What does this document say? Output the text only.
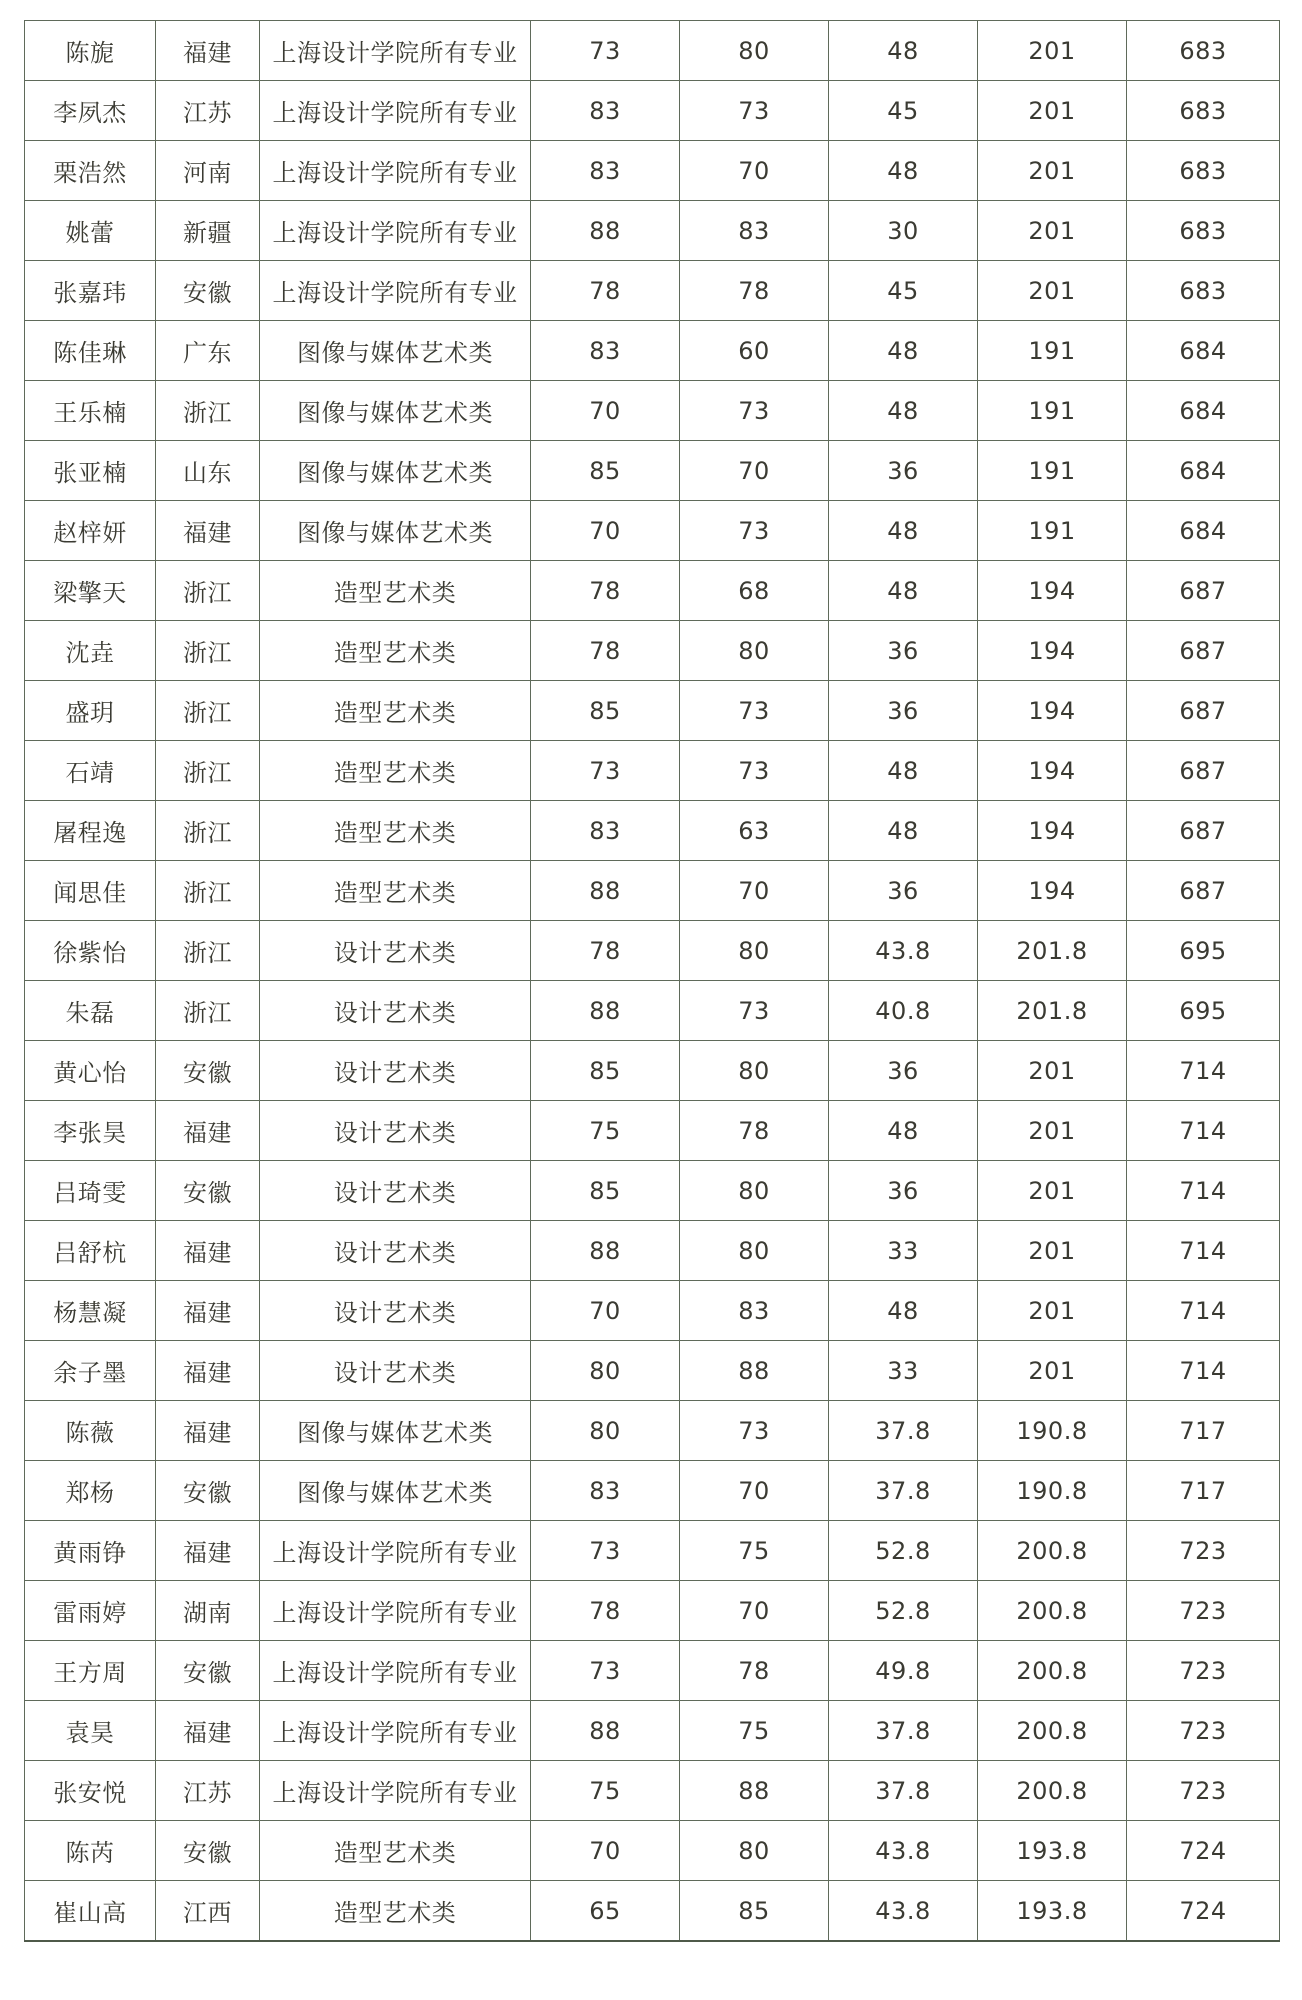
陈旎	福建	上海设计学院所有专业	73	80	48	201	683
李夙杰	江苏	上海设计学院所有专业	83	73	45	201	683
栗浩然	河南	上海设计学院所有专业	83	70	48	201	683
姚蕾	新疆	上海设计学院所有专业	88	83	30	201	683
张嘉玮	安徽	上海设计学院所有专业	78	78	45	201	683
陈佳琳	广东	图像与媒体艺术类	83	60	48	191	684
王乐楠	浙江	图像与媒体艺术类	70	73	48	191	684
张亚楠	山东	图像与媒体艺术类	85	70	36	191	684
赵梓妍	福建	图像与媒体艺术类	70	73	48	191	684
梁擎天	浙江	造型艺术类	78	68	48	194	687
沈垚	浙江	造型艺术类	78	80	36	194	687
盛玥	浙江	造型艺术类	85	73	36	194	687
石靖	浙江	造型艺术类	73	73	48	194	687
屠程逸	浙江	造型艺术类	83	63	48	194	687
闻思佳	浙江	造型艺术类	88	70	36	194	687
徐紫怡	浙江	设计艺术类	78	80	43.8	201.8	695
朱磊	浙江	设计艺术类	88	73	40.8	201.8	695
黄心怡	安徽	设计艺术类	85	80	36	201	714
李张昊	福建	设计艺术类	75	78	48	201	714
吕琦雯	安徽	设计艺术类	85	80	36	201	714
吕舒杭	福建	设计艺术类	88	80	33	201	714
杨慧凝	福建	设计艺术类	70	83	48	201	714
余子墨	福建	设计艺术类	80	88	33	201	714
陈薇	福建	图像与媒体艺术类	80	73	37.8	190.8	717
郑杨	安徽	图像与媒体艺术类	83	70	37.8	190.8	717
黄雨铮	福建	上海设计学院所有专业	73	75	52.8	200.8	723
雷雨婷	湖南	上海设计学院所有专业	78	70	52.8	200.8	723
王方周	安徽	上海设计学院所有专业	73	78	49.8	200.8	723
袁昊	福建	上海设计学院所有专业	88	75	37.8	200.8	723
张安悦	江苏	上海设计学院所有专业	75	88	37.8	200.8	723
陈芮	安徽	造型艺术类	70	80	43.8	193.8	724
崔山高	江西	造型艺术类	65	85	43.8	193.8	724
